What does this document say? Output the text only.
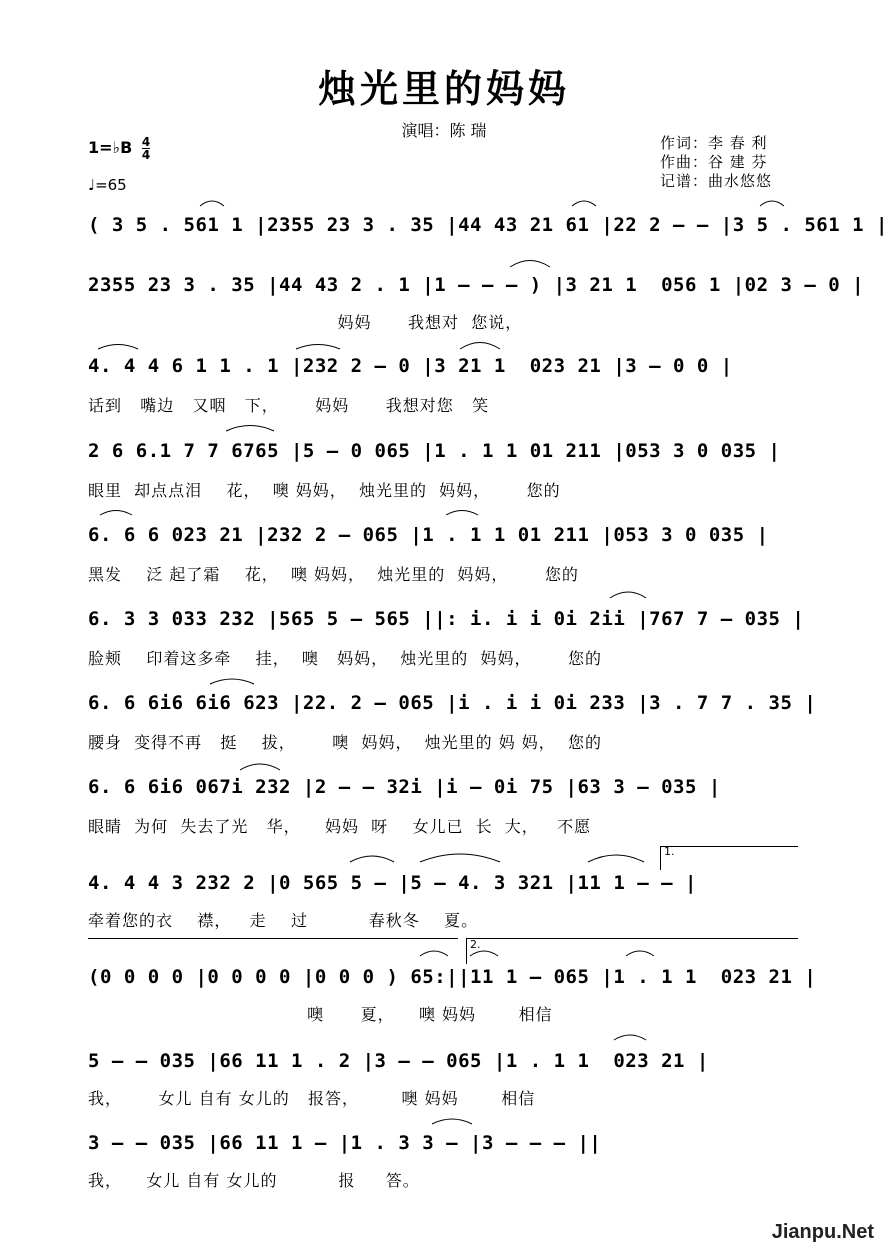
烛光里的妈妈
演唱：陈 瑞
1=♭B $\frac{4}{4}$
♩=65
作词：李 春 利
作曲：谷 建 芬
记谱：曲水悠悠
( 3 5 . 561 1 |2355 23 3 . 35 |44 43 21 61 |22 2 – – |3 5 . 561 1 |
2355 23 3 . 35 |44 43 2 . 1 |1 – – – ) |3 21 1  056 1 |02 3 – 0 |
妈妈      我想对  您说，
4. 4 4 6 1 1 . 1 |232 2 – 0 |3 21 1  023 21 |3 – 0 0 |
话到   嘴边   又咽   下，      妈妈      我想对您   笑
2 6 6.1 7 7 6765 |5 – 0 065 |1 . 1 1 01 211 |053 3 0 035 |
眼里  却点点泪    花，  噢 妈妈，  烛光里的  妈妈，      您的
6. 6 6 023 21 |232 2 – 065 |1 . 1 1 01 211 |053 3 0 035 |
黑发    泛 起了霜    花，  噢 妈妈，  烛光里的  妈妈，      您的
6. 3 3 033 232 |565 5 – 565 ||: i. i i 0i 2ii |767 7 – 035 |
脸颊    印着这多牵    挂，  噢   妈妈，  烛光里的  妈妈，      您的
6. 6 6i6 6i6 623 |22. 2 – 065 |i . i i 0i 233 |3 . 7 7 . 35 |
腰身  变得不再   挺    拔，      噢  妈妈，  烛光里的 妈 妈，  您的
6. 6 6i6 067i 232 |2 – – 32i |i – 0i 75 |63 3 – 035 |
眼睛  为何  失去了光   华，    妈妈  呀    女儿已  长  大，   不愿
1.
4. 4 4 3 232 2 |0 565 5 – |5 – 4. 3 321 |11 1 – – |
牵着您的衣    襟，   走    过          春秋冬    夏。
2.
(0 0 0 0 |0 0 0 0 |0 0 0 ) 65:||11 1 – 065 |1 . 1 1  023 21 |
噢      夏，    噢 妈妈       相信
5 – – 035 |66 11 1 . 2 |3 – – 065 |1 . 1 1  023 21 |
我，      女儿 自有 女儿的   报答，       噢 妈妈       相信
3 – – 035 |66 11 1 – |1 . 3 3 – |3 – – – ||
我，    女儿 自有 女儿的          报     答。
Jianpu.Net
